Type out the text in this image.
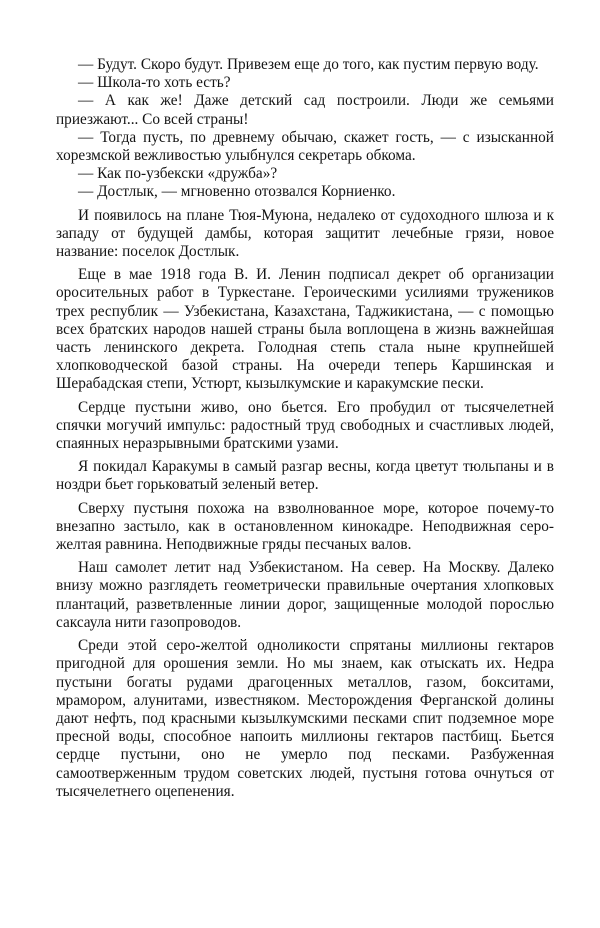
— Будут. Скоро будут. Привезем еще до того, как пустим первую воду.

— Школа-то хоть есть?

— А как же! Даже детский сад построили. Люди же семьями приезжают... Со всей страны!

— Тогда пусть, по древнему обычаю, скажет гость, — с изысканной хорезмской вежливостью улыбнулся секретарь обкома.

— Как по-узбекски «дружба»?

— Достлык, — мгновенно отозвался Корниенко.

И появилось на плане Тюя-Муюна, недалеко от судоходного шлюза и к западу от будущей дамбы, которая защитит лечебные грязи, новое название: поселок Достлык.

Еще в мае 1918 года В. И. Ленин подписал декрет об организации оросительных работ в Туркестане. Героическими усилиями тружеников трех республик — Узбекистана, Казахстана, Таджикистана, — с помощью всех братских народов нашей страны была воплощена в жизнь важнейшая часть ленинского декрета. Голодная степь стала ныне крупнейшей хлопководческой базой страны. На очереди теперь Каршинская и Шерабадская степи, Устюрт, кызылкумские и каракумские пески.

Сердце пустыни живо, оно бьется. Его пробудил от тысячелетней спячки могучий импульс: радостный труд свободных и счастливых людей, спаянных неразрывными братскими узами.

Я покидал Каракумы в самый разгар весны, когда цветут тюльпаны и в ноздри бьет горьковатый зеленый ветер.

Сверху пустыня похожа на взволнованное море, которое почему-то внезапно застыло, как в остановленном кинокадре. Неподвижная серо-желтая равнина. Неподвижные гряды песчаных валов.

Наш самолет летит над Узбекистаном. На север. На Москву. Далеко внизу можно разглядеть геометрически правильные очертания хлопковых плантаций, разветвленные линии дорог, защищенные молодой порослью саксаула нити газопроводов.

Среди этой серо-желтой одноликости спрятаны миллионы гектаров пригодной для орошения земли. Но мы знаем, как отыскать их. Недра пустыни богаты рудами драгоценных металлов, газом, бокситами, мрамором, алунитами, известняком. Месторождения Ферганской долины дают нефть, под красными кызылкумскими песками спит подземное море пресной воды, способное напоить миллионы гектаров пастбищ. Бьется сердце пустыни, оно не умерло под песками. Разбуженная самоотверженным трудом советских людей, пустыня готова очнуться от тысячелетнего оцепенения.
